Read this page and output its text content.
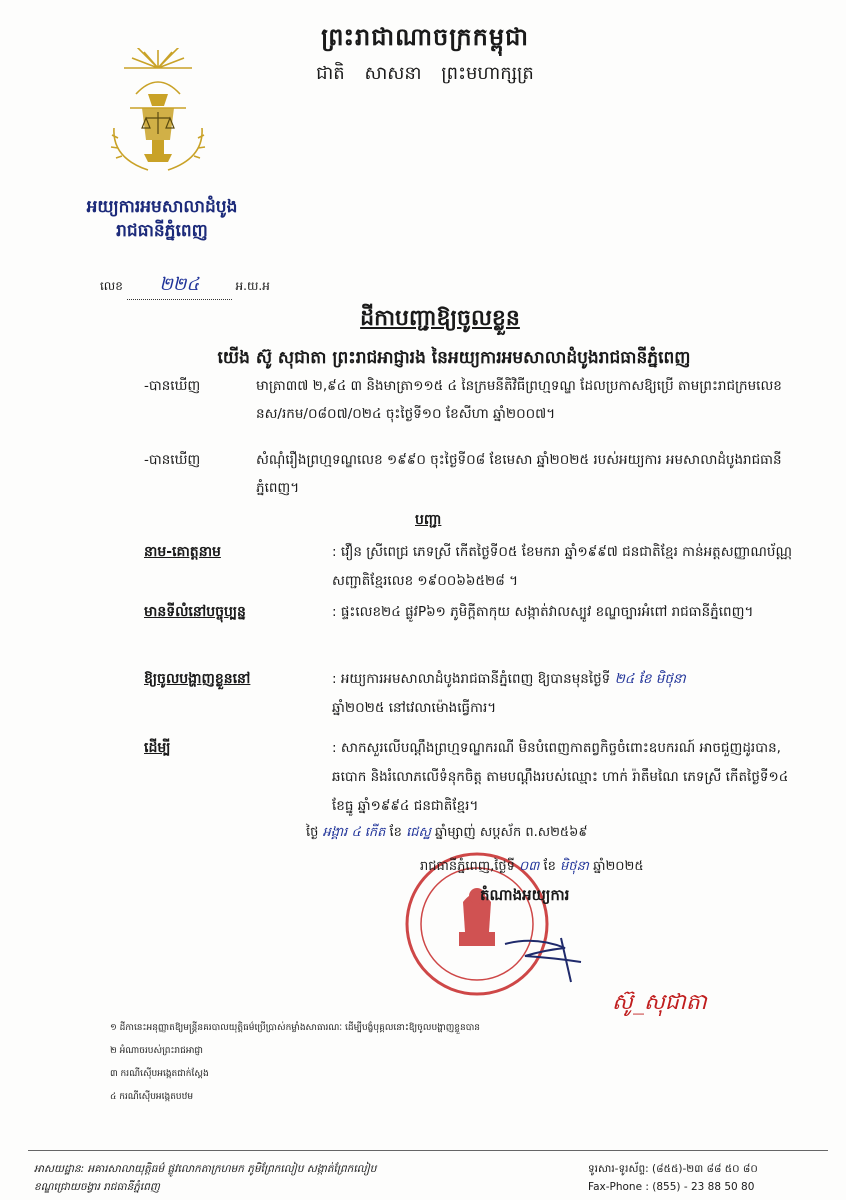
ព្រះរាជាណាចក្រកម្ពុជា
ជាតិ សាសនា ព្រះមហាក្សត្រ
អយ្យការអមសាលាដំបូង
រាជធានីភ្នំពេញ
លេខ ២២៤	អ.យ.អ
ដីកាបញ្ជាឱ្យចូលខ្លួន
យើង ស៊ូ សុជាតា ព្រះរាជអាជ្ញារង នៃអយ្យការអមសាលាដំបូងរាជធានីភ្នំពេញ
-បានឃើញ	មាត្រា៣៧ ២,៩៤ ៣ និងមាត្រា១១៥ ៤ នៃក្រមនីតិវិធីព្រហ្មទណ្ឌ ដែលប្រកាសឱ្យប្រើ តាមព្រះរាជក្រមលេខ នស/រកម/០៨០៧/០២៤ ចុះថ្ងៃទី១០ ខែសីហា ឆ្នាំ២០០៧។
-បានឃើញ	សំណុំរឿងព្រហ្មទណ្ឌលេខ ១៩៩០ ចុះថ្ងៃទី០៨ ខែមេសា ឆ្នាំ២០២៥ របស់អយ្យការ អមសាលាដំបូងរាជធានីភ្នំពេញ។
បញ្ជា
នាម-គោត្តនាម	: វឿន ស្រីពេជ្រ ភេទស្រី កើតថ្ងៃទី០៥ ខែមករា ឆ្នាំ១៩៩៧ ជនជាតិខ្មែរ កាន់អត្តសញ្ញាណប័ណ្ណសញ្ជាតិខ្មែរលេខ ១៩០០៦៦៥២៨ ។
មានទីលំនៅបច្ចុប្បន្ន	: ផ្ទះលេខ២៤ ផ្លូវP៦១ ភូមិក្ពីតាកុយ សង្កាត់វាលស្បូវ ខណ្ឌច្បារអំពៅ រាជធានីភ្នំពេញ។
ឱ្យចូលបង្ហាញខ្លួននៅ	: អយ្យការអមសាលាដំបូងរាជធានីភ្នំពេញ ឱ្យបានមុនថ្ងៃទី ២៤ ខែ មិថុនា
ឆ្នាំ២០២៥ នៅវេលាម៉ោងធ្វើការ។
ដើម្បី	: សាកសួរលើបណ្តឹងព្រហ្មទណ្ឌករណី មិនបំពេញកាតព្វកិច្ចចំពោះឧបករណ៍ អាចជួញដូរបាន, ឆបោក និងរំលោភលើទំនុកចិត្ត តាមបណ្តឹងរបស់ឈ្មោះ ហាក់ រ៉ាតឹមណៃ ភេទស្រី កើតថ្ងៃទី១៤ ខែធ្នូ ឆ្នាំ១៩៩៤ ជនជាតិខ្មែរ។
ថ្ងៃ អង្គារ ៤ កើត ខែ ជេស្ឋ ឆ្នាំម្សាញ់ សប្តស័ក ព.ស២៥៦៩
រាជធានីភ្នំពេញ,ថ្ងៃទី ០៣ ខែ មិថុនា ឆ្នាំ២០២៥
តំណាងអយ្យការ
ស៊ូ_សុជាតា
១ ដីកានេះអនុញ្ញាតឱ្យមន្ត្រីនគរបាលយុត្តិធម៌ប្រើប្រាស់កម្លាំងសាធារណៈ ដើម្បីបង្ខំបុគ្គលនោះឱ្យចូលបង្ហាញខ្លួនបាន
២ អំណាចរបស់ព្រះរាជអាជ្ញា
៣ ករណីស៊ើបអង្កេតជាក់ស្តែង
៤ ករណីស៊ើបអង្កេតបឋម
អាសយដ្ឋាន: អគារសាលាយុត្តិធម៌ ផ្លូវលោកតាក្រហមក ភូមិព្រែកលៀប សង្កាត់ព្រែកលៀប
ខណ្ឌជ្រោយចង្វារ រាជធានីភ្នំពេញ
ទូរសារ-ទូរស័ព្ទ: (៨៥៥)-២៣ ៨៨ ៥០ ៨០
Fax-Phone : (855) - 23 88 50 80
